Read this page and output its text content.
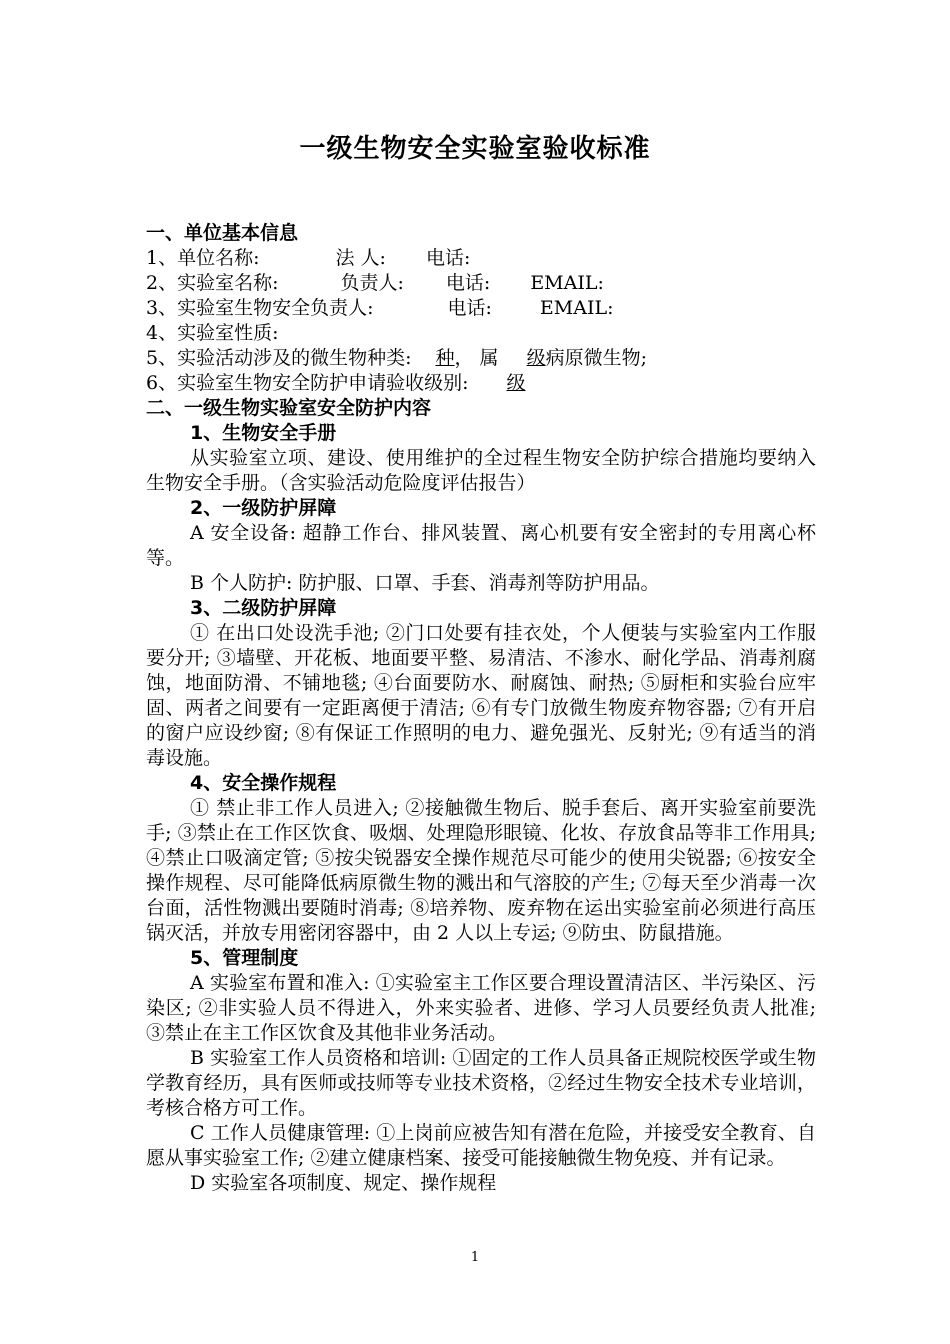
一级生物安全实验室验收标准
一、单位基本信息
1、单位名称:	法 人: 电话:
2、实验室名称:	负责人: 电话: EMAIL:
3、实验室生物安全负责人:	电话:	EMAIL:
4、实验室性质:
5、实验活动涉及的微生物种类: 种， 属 级病原微生物;
6、实验室生物安全防护申请验收级别: 级
二、一级生物实验室安全防护内容
1、生物安全手册
从实验室立项、建设、使用维护的全过程生物安全防护综合措施均要纳入生物安全手册。（含实验活动危险度评估报告）
2、一级防护屏障
A 安全设备: 超静工作台、排风装置、离心机要有安全密封的专用离心杯等。
B 个人防护: 防护服、口罩、手套、消毒剂等防护用品。
3、二级防护屏障
① 在出口处设洗手池; ②门口处要有挂衣处，个人便装与实验室内工作服要分开; ③墙壁、开花板、地面要平整、易清洁、不渗水、耐化学品、消毒剂腐蚀，地面防滑、不铺地毯; ④台面要防水、耐腐蚀、耐热; ⑤厨柜和实验台应牢固、两者之间要有一定距离便于清洁; ⑥有专门放微生物废弃物容器; ⑦有开启的窗户应设纱窗; ⑧有保证工作照明的电力、避免强光、反射光; ⑨有适当的消毒设施。
4、安全操作规程
① 禁止非工作人员进入; ②接触微生物后、脱手套后、离开实验室前要洗手; ③禁止在工作区饮食、吸烟、处理隐形眼镜、化妆、存放食品等非工作用具; ④禁止口吸滴定管; ⑤按尖锐器安全操作规范尽可能少的使用尖锐器; ⑥按安全操作规程、尽可能降低病原微生物的溅出和气溶胶的产生; ⑦每天至少消毒一次台面，活性物溅出要随时消毒; ⑧培养物、废弃物在运出实验室前必须进行高压锅灭活，并放专用密闭容器中，由 2 人以上专运; ⑨防虫、防鼠措施。
5、管理制度
A 实验室布置和准入: ①实验室主工作区要合理设置清洁区、半污染区、污染区; ②非实验人员不得进入，外来实验者、进修、学习人员要经负责人批准; ③禁止在主工作区饮食及其他非业务活动。
B 实验室工作人员资格和培训: ①固定的工作人员具备正规院校医学或生物学教育经历，具有医师或技师等专业技术资格，②经过生物安全技术专业培训，考核合格方可工作。
C 工作人员健康管理: ①上岗前应被告知有潜在危险，并接受安全教育、自愿从事实验室工作; ②建立健康档案、接受可能接触微生物免疫、并有记录。
D 实验室各项制度、规定、操作规程
1
